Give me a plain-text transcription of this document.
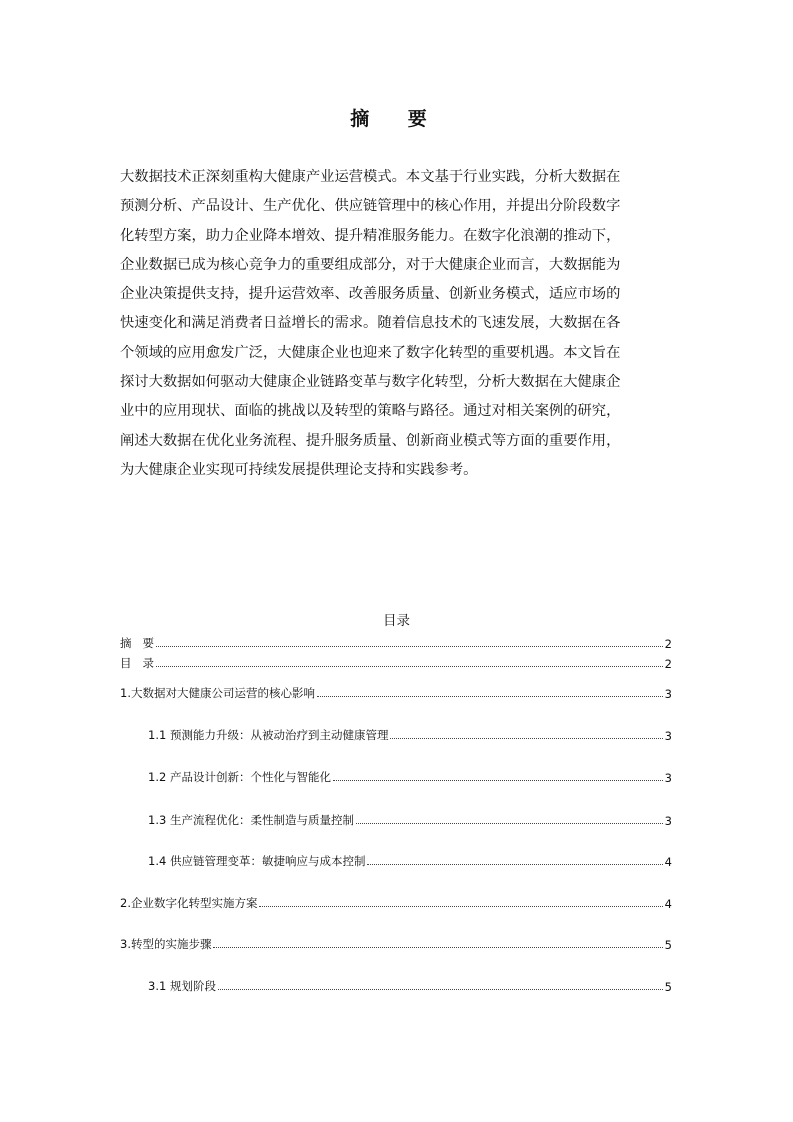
摘 要
大数据技术正深刻重构大健康产业运营模式。本文基于行业实践，分析大数据在
预测分析、产品设计、生产优化、供应链管理中的核心作用，并提出分阶段数字
化转型方案，助力企业降本增效、提升精准服务能力。在数字化浪潮的推动下，
企业数据已成为核心竞争力的重要组成部分，对于大健康企业而言，大数据能为
企业决策提供支持，提升运营效率、改善服务质量、创新业务模式，适应市场的
快速变化和满足消费者日益增长的需求。随着信息技术的飞速发展，大数据在各
个领域的应用愈发广泛，大健康企业也迎来了数字化转型的重要机遇。本文旨在
探讨大数据如何驱动大健康企业链路变革与数字化转型，分析大数据在大健康企
业中的应用现状、面临的挑战以及转型的策略与路径。通过对相关案例的研究，
阐述大数据在优化业务流程、提升服务质量、创新商业模式等方面的重要作用，
为大健康企业实现可持续发展提供理论支持和实践参考。
目录
摘   要	2
目   录	2
1.大数据对大健康公司运营的核心影响	3
1.1 预测能力升级：从被动治疗到主动健康管理	3
1.2 产品设计创新：个性化与智能化	3
1.3 生产流程优化：柔性制造与质量控制	3
1.4 供应链管理变革：敏捷响应与成本控制	4
2.企业数字化转型实施方案	4
3.转型的实施步骤	5
3.1 规划阶段	5
